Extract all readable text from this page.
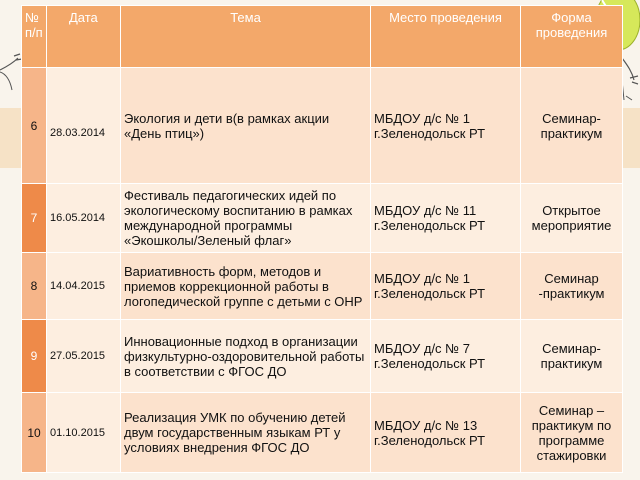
№ п/п	Дата	Тема	Место проведения	Форма проведения
6	28.03.2014	Экология и дети в(в рамках акции «День птиц»)	МБДОУ д/с № 1 г.Зеленодольск РТ	Семинар-практикум
7	16.05.2014	Фестиваль педагогических идей по экологическому воспитанию в рамках международной программы «Экошколы/Зеленый флаг»	МБДОУ д/с № 11 г.Зеленодольск РТ	Открытое мероприятие
8	14.04.2015	Вариативность форм, методов и приемов коррекционной работы в логопедической группе с детьми с ОНР	МБДОУ д/с № 1 г.Зеленодольск РТ	Семинар -практикум
9	27.05.2015	Инновационные подход в организации физкультурно-оздоровительной работы в соответствии с ФГОС ДО	МБДОУ д/с № 7 г.Зеленодольск РТ	Семинар-практикум
10	01.10.2015	Реализация УМК по обучению детей двум государственным языкам РТ у условиях внедрения ФГОС ДО	МБДОУ д/с № 13 г.Зеленодольск РТ	Семинар – практикум по программе стажировки
